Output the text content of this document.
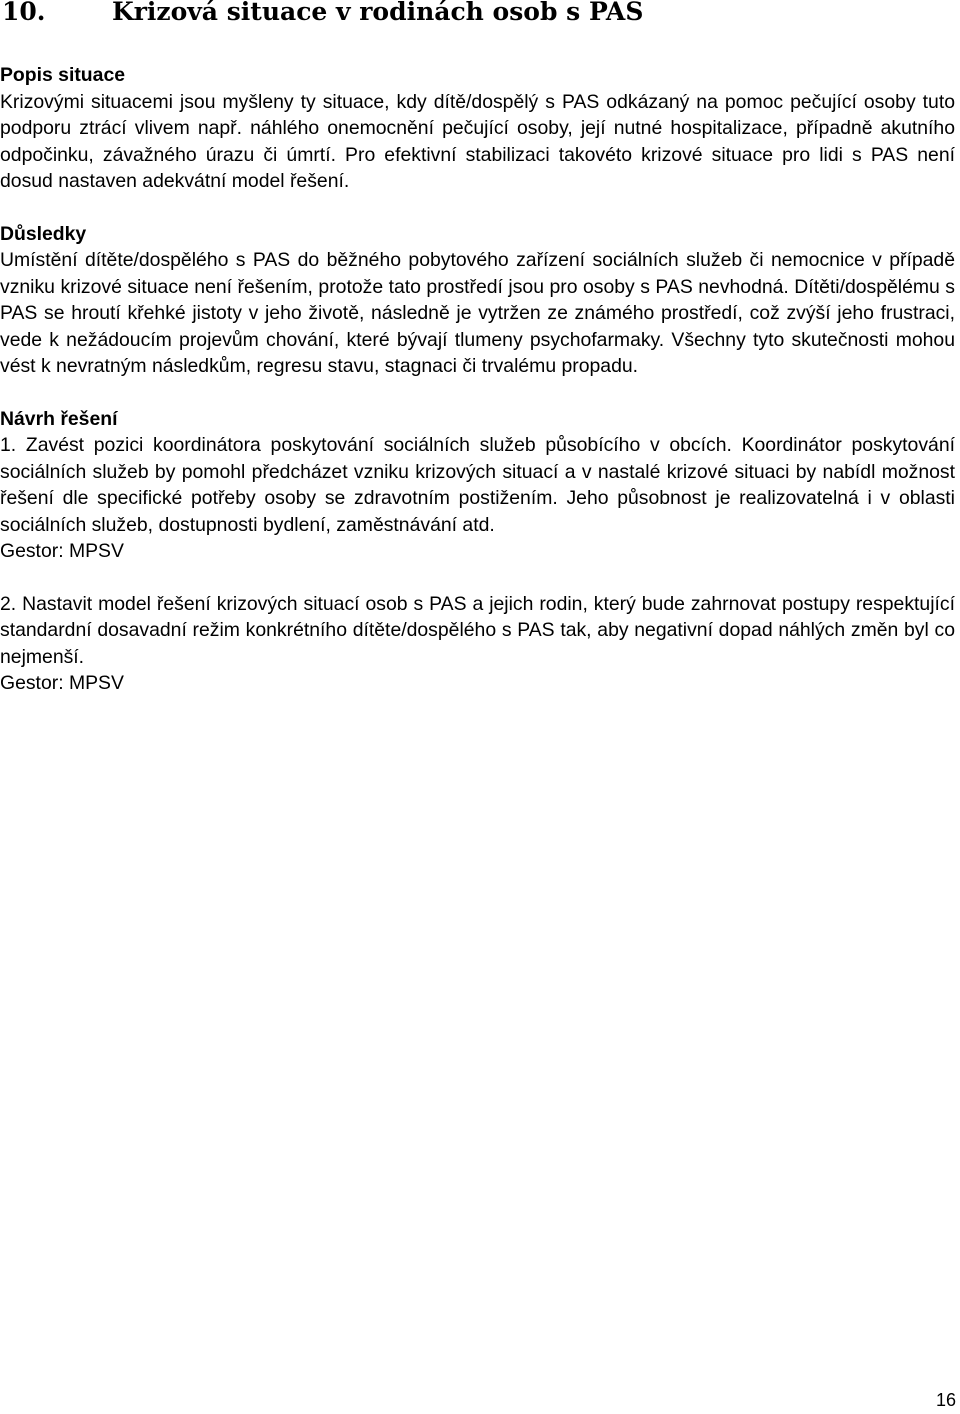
10.	Krizová situace v rodinách osob s PAS
Popis situace

Krizovými situacemi jsou myšleny ty situace, kdy dítě/dospělý s PAS odkázaný na pomoc pečující osoby tuto podporu ztrácí vlivem např. náhlého onemocnění pečující osoby, její nutné hospitalizace, případně akutního odpočinku, závažného úrazu či úmrtí. Pro efektivní stabilizaci takovéto krizové situace pro lidi s PAS není dosud nastaven adekvátní model řešení.

Důsledky

Umístění dítěte/dospělého s PAS do běžného pobytového zařízení sociálních služeb či nemocnice v případě vzniku krizové situace není řešením, protože tato prostředí jsou pro osoby s PAS nevhodná. Dítěti/dospělému s PAS se hroutí křehké jistoty v jeho životě, následně je vytržen ze známého prostředí, což zvýší jeho frustraci, vede k nežádoucím projevům chování, které bývají tlumeny psychofarmaky. Všechny tyto skutečnosti mohou vést k nevratným následkům, regresu stavu, stagnaci či trvalému propadu.

Návrh řešení

1. Zavést pozici koordinátora poskytování sociálních služeb působícího v obcích. Koordinátor poskytování sociálních služeb by pomohl předcházet vzniku krizových situací a v nastalé krizové situaci by nabídl možnost řešení dle specifické potřeby osoby se zdravotním postižením. Jeho působnost je realizovatelná i v oblasti sociálních služeb, dostupnosti bydlení, zaměstnávání atd.

Gestor: MPSV

2. Nastavit model řešení krizových situací osob s PAS a jejich rodin, který bude zahrnovat postupy respektující standardní dosavadní režim konkrétního dítěte/dospělého s PAS tak, aby negativní dopad náhlých změn byl co nejmenší.

Gestor: MPSV
16
